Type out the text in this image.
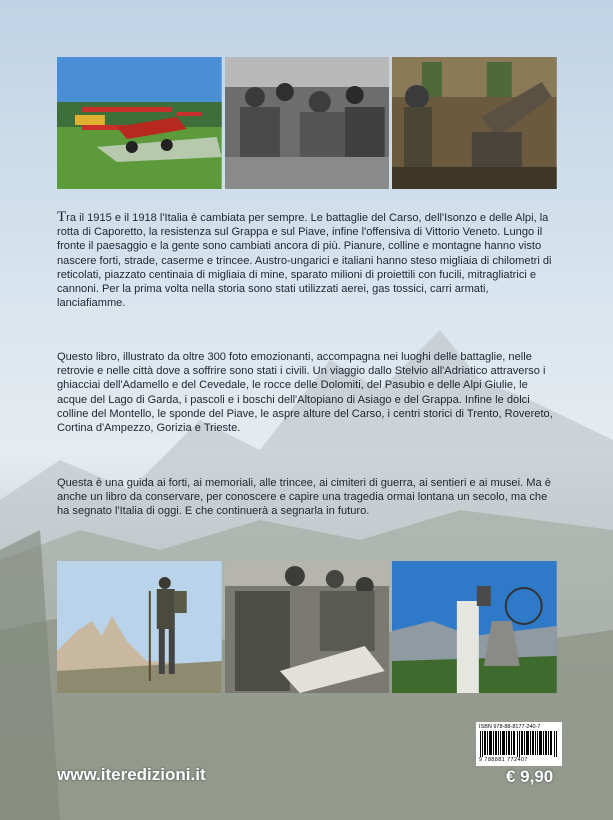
Tra il 1915 e il 1918 l'Italia è cambiata per sempre. Le battaglie del Carso, dell'Isonzo e delle Alpi, la rotta di Caporetto, la resistenza sul Grappa e sul Piave, infine l'offensiva di Vittorio Veneto. Lungo il fronte il paesaggio e la gente sono cambiati ancora di più. Pianure, colline e montagne hanno visto nascere forti, strade, caserme e trincee. Austro-ungarici e italiani hanno steso migliaia di chilometri di reticolati, piazzato centinaia di migliaia di mine, sparato milioni di proiettili con fucili, mitragliatrici e cannoni. Per la prima volta nella storia sono stati utilizzati aerei, gas tossici, carri armati, lanciafiamme.
Questo libro, illustrato da oltre 300 foto emozionanti, accompagna nei luoghi delle battaglie, nelle retrovie e nelle città dove a soffrire sono stati i civili. Un viaggio dallo Stelvio all'Adriatico attraverso i ghiacciai dell'Adamello e del Cevedale, le rocce delle Dolomiti, del Pasubio e delle Alpi Giulie, le acque del Lago di Garda, i pascoli e i boschi dell'Altopiano di Asiago e del Grappa. Infine le dolci colline del Montello, le sponde del Piave, le aspre alture del Carso, i centri storici di Trento, Rovereto, Cortina d'Ampezzo, Gorizia e Trieste.
Questa è una guida ai forti, ai memoriali, alle trincee, ai cimiteri di guerra, ai sentieri e ai musei. Ma è anche un libro da conservare, per conoscere e capire una tragedia ormai lontana un secolo, ma che ha segnato l'Italia di oggi. E che continuerà a segnarla in futuro.
www.iteredizioni.it
ISBN 978-88-8177-240-7
9 788881 772407
€ 9,90
